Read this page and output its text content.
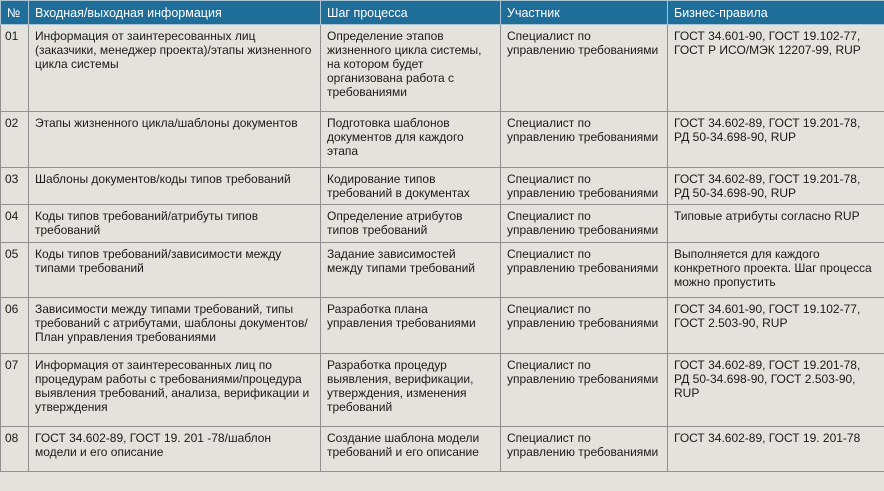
№	Входная/выходная информация	Шаг процесса	Участник	Бизнес-правила
01	Информация от заинтересованных лиц (заказчики, менеджер проекта)/этапы жизненного цикла системы	Определение этапов жизненного цикла системы, на котором будет организована работа с требованиями	Специалист по управлению требованиями	ГОСТ 34.601-90, ГОСТ 19.102-77, ГОСТ Р ИСО/МЭК 12207-99, RUP
02	Этапы жизненного цикла/шаблоны документов	Подготовка шаблонов документов для каждого этапа	Специалист по управлению требованиями	ГОСТ 34.602-89, ГОСТ 19.201-78, РД 50-34.698-90, RUP
03	Шаблоны документов/коды типов требований	Кодирование типов требований в документах	Специалист по управлению требованиями	ГОСТ 34.602-89, ГОСТ 19.201-78, РД 50-34.698-90, RUP
04	Коды типов требований/атрибуты типов требований	Определение атрибутов типов требований	Специалист по управлению требованиями	Типовые атрибуты согласно RUP
05	Коды типов требований/зависимости между типами требований	Задание зависимостей между типами требований	Специалист по управлению требованиями	Выполняется для каждого конкретного проекта. Шаг процесса можно пропустить
06	Зависимости между типами требований, типы требований с атрибутами, шаблоны документов/План управления требованиями	Разработка плана управления требованиями	Специалист по управлению требованиями	ГОСТ 34.601-90, ГОСТ 19.102-77, ГОСТ 2.503-90, RUP
07	Информация от заинтересованных лиц по процедурам работы с требованиями/процедура выявления требований, анализа, верификации и утверждения	Разработка процедур выявления, верификации, утверждения, изменения требований	Специалист по управлению требованиями	ГОСТ 34.602-89, ГОСТ 19.201-78, РД 50-34.698-90, ГОСТ 2.503-90, RUP
08	ГОСТ 34.602-89, ГОСТ 19. 201 -78/шаблон модели и его описание	Создание шаблона модели требований и его описание	Специалист по управлению требованиями	ГОСТ 34.602-89, ГОСТ 19. 201-78
